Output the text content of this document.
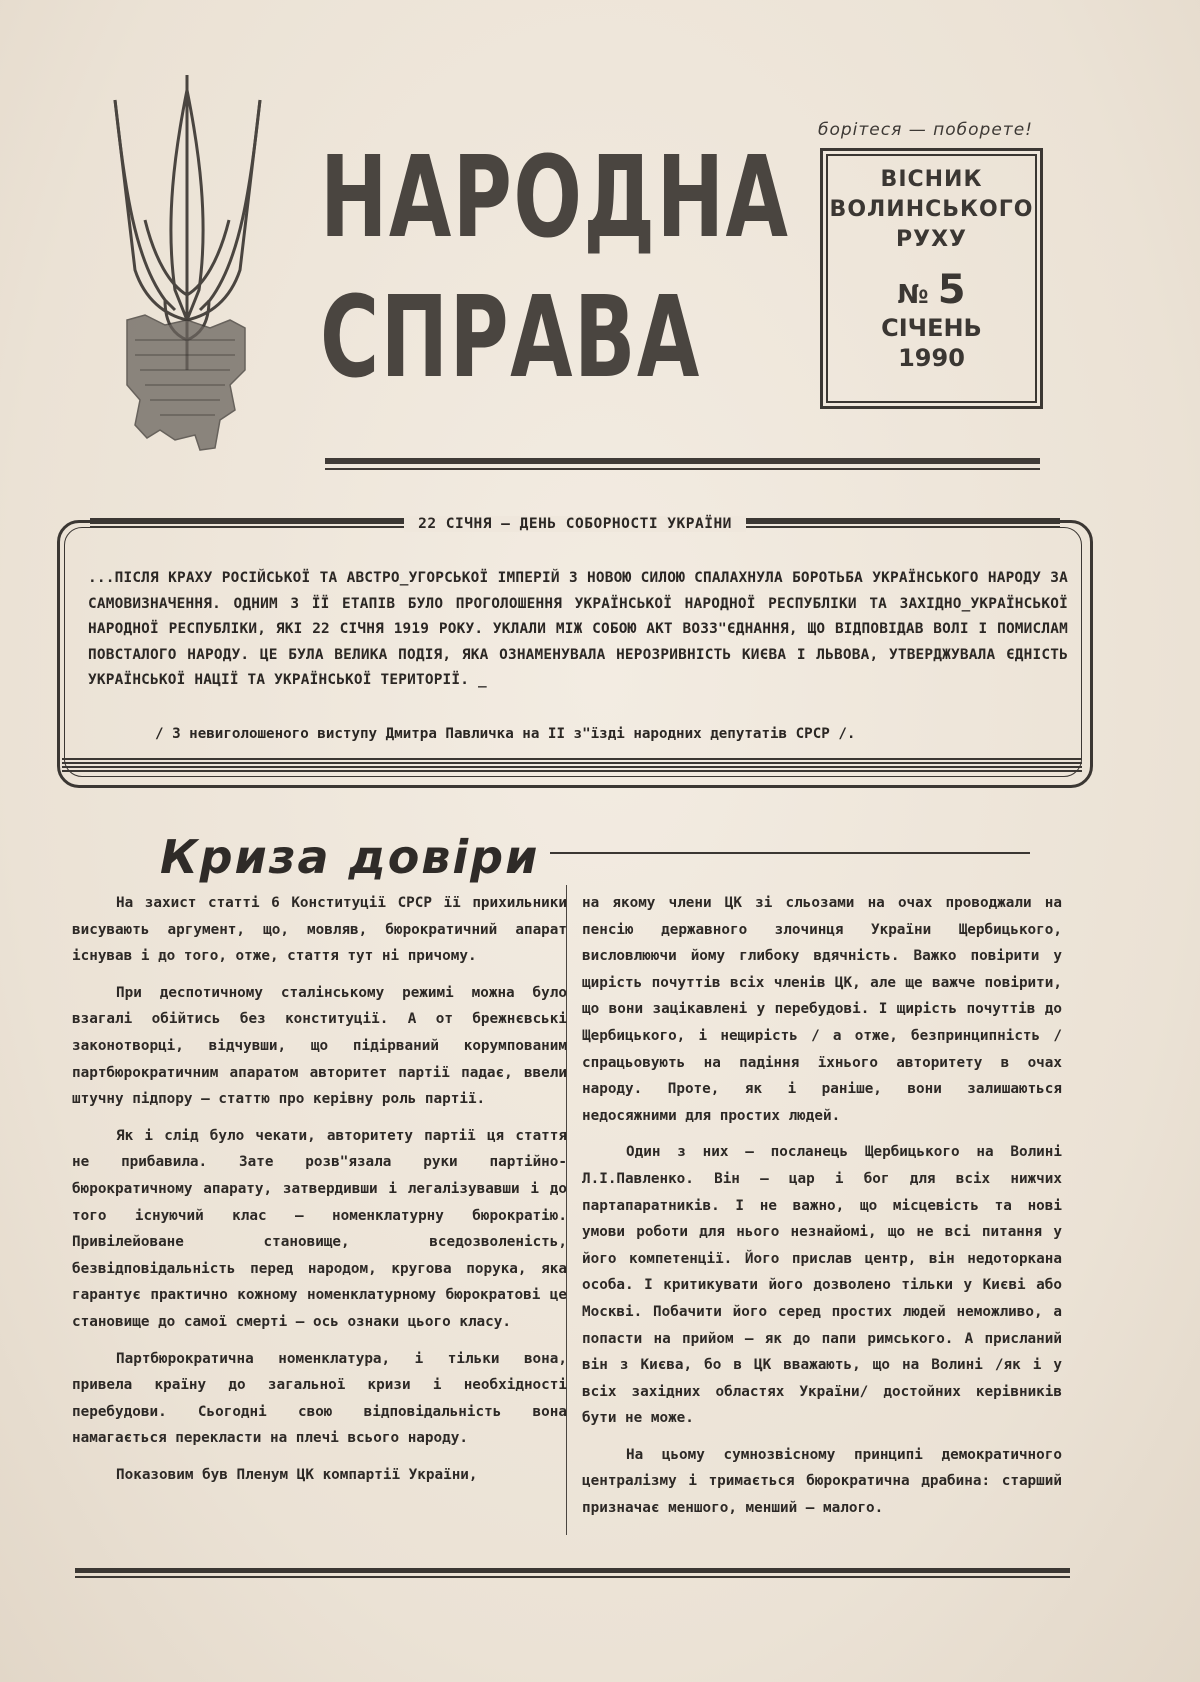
НАРОДНА
СПРАВА
борітеся — поборете!
ВІСНИК
ВОЛИНСЬКОГО
РУХУ
№ 5
СІЧЕНЬ
1990
22 СІЧНЯ – ДЕНЬ СОБОРНОСТІ УКРАЇНИ
...ПІСЛЯ КРАХУ РОСІЙСЬКОЇ ТА АВСТРО_УГОРСЬКОЇ ІМПЕРІЙ З НОВОЮ СИЛОЮ СПАЛАХНУЛА БОРОТЬБА УКРАЇНСЬКОГО НАРОДУ ЗА САМОВИЗНАЧЕННЯ. ОДНИМ З ЇЇ ЕТАПІВ БУЛО ПРОГОЛОШЕННЯ УКРАЇНСЬКОЇ НАРОДНОЇ РЕСПУБЛІКИ ТА ЗАХІДНО_УКРАЇНСЬКОЇ НАРОДНОЇ РЕСПУБЛІКИ, ЯКІ 22 СІЧНЯ 1919 РОКУ. УКЛАЛИ МІЖ СОБОЮ АКТ ВОЗЗ"ЄДНАННЯ, ЩО ВІДПОВІДАВ ВОЛІ І ПОМИСЛАМ ПОВСТАЛОГО НАРОДУ. ЦЕ БУЛА ВЕЛИКА ПОДІЯ, ЯКА ОЗНАМЕНУВАЛА НЕРОЗРИВНІСТЬ КИЄВА І ЛЬВОВА, УТВЕРДЖУВАЛА ЄДНІСТЬ УКРАЇНСЬКОЇ НАЦІЇ ТА УКРАЇНСЬКОЇ ТЕРИТОРІЇ. _
/ З невиголошеного виступу Дмитра Павличка на II з"їзді народних депутатів СРСР /.
Криза довіри

На захист статті 6 Конституції СРСР її прихильники висувають аргумент, що, мовляв, бюрократичний апарат існував і до того, отже, стаття тут ні причому.

При деспотичному сталінському режимі можна було взагалі обійтись без конституції. А от брежнєвські законотворці, відчувши, що підірваний корумпованим партбюрократичним апаратом авторитет партії падає, ввели штучну підпору – статтю про керівну роль партії.

Як і слід було чекати, авторитету партії ця стаття не прибавила. Зате розв"язала руки партійно-бюрократичному апарату, затвердивши і легалізувавши і до того існуючий клас – номенклатурну бюрократію. Привілейоване становище, вседозволеність, безвідповідальність перед народом, кругова порука, яка гарантує практично кожному номенклатурному бюрократові це становище до самої смерті – ось ознаки цього класу.

Партбюрократична номенклатура, і тільки вона, привела країну до загальної кризи і необхідності перебудови. Сьогодні свою відповідальність вона намагається перекласти на плечі всього народу.

Показовим був Пленум ЦК компартії України,

на якому члени ЦК зі сльозами на очах проводжали на пенсію державного злочинця України Щербицького, висловлюючи йому глибоку вдячність. Важко повірити у щирість почуттів всіх членів ЦК, але ще важче повірити, що вони зацікавлені у перебудові. І щирість почуттів до Щербицького, і нещирість / а отже, безпринципність / спрацьовують на падіння їхнього авторитету в очах народу. Проте, як і раніше, вони залишаються недосяжними для простих людей.

Один з них – посланець Щербицького на Волині Л.І.Павленко. Він – цар і бог для всіх нижчих партапаратників. І не важно, що місцевість та нові умови роботи для нього незнайомі, що не всі питання у його компетенції. Його прислав центр, він недоторкана особа. І критикувати його дозволено тільки у Києві або Москві. Побачити його серед простих людей неможливо, а попасти на прийом – як до папи римського. А присланий він з Києва, бо в ЦК вважають, що на Волині /як і у всіх західних областях України/ достойних керівників бути не може.

На цьому сумнозвісному принципі демократичного централізму і тримається бюрократична драбина: старший призначає меншого, менший – малого.
